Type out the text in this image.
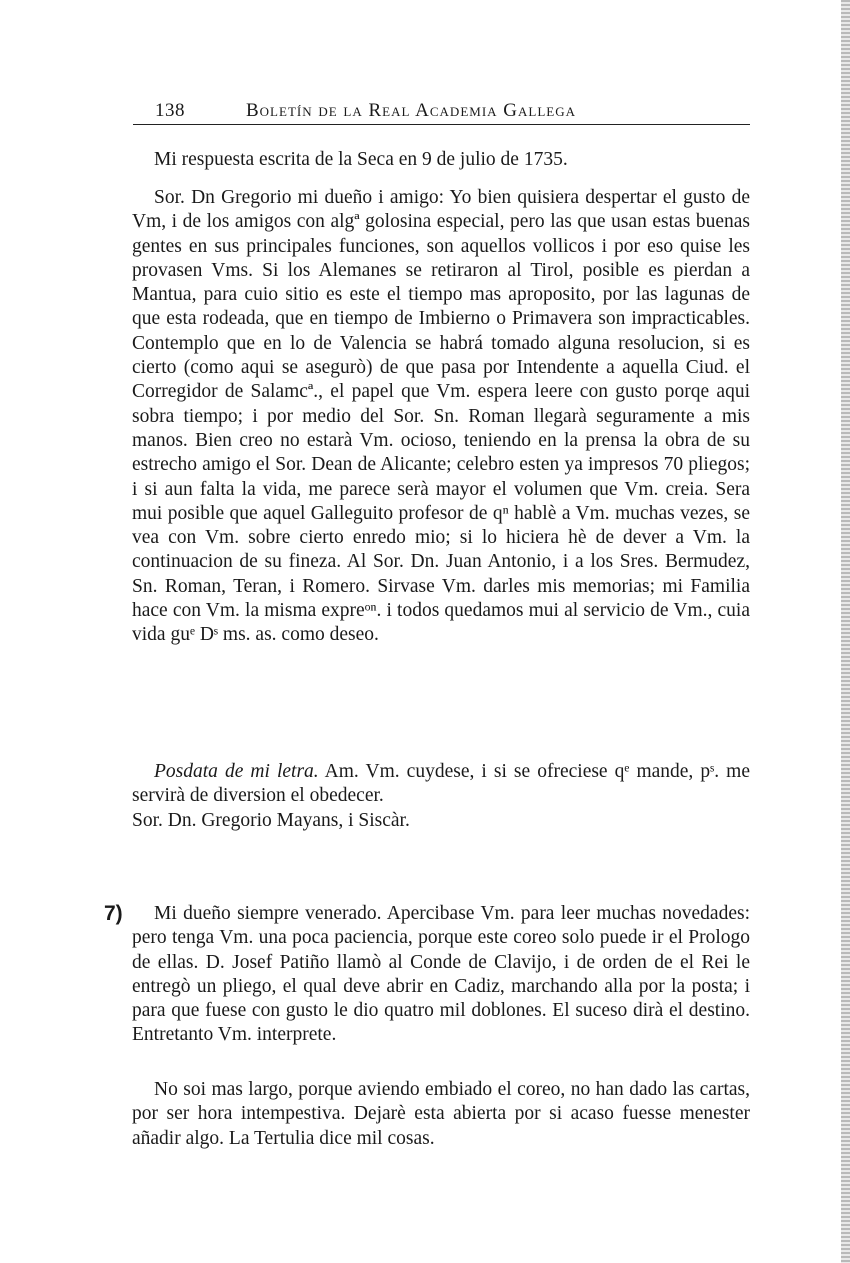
138	Boletín de la Real Academia Gallega

Mi respuesta escrita de la Seca en 9 de julio de 1735.

Sor. Dn Gregorio mi dueño i amigo: Yo bien quisiera despertar el gusto de Vm, i de los amigos con algª golosina especial, pero las que usan estas buenas gentes en sus principales funciones, son aquellos vollicos i por eso quise les provasen Vms. Si los Alemanes se retiraron al Tirol, posible es pierdan a Mantua, para cuio sitio es este el tiempo mas aproposito, por las lagunas de que esta rodeada, que en tiempo de Imbierno o Primavera son impracticables. Contemplo que en lo de Valencia se habrá tomado alguna resolucion, si es cierto (como aqui se asegurò) de que pasa por Intendente a aquella Ciud. el Corregidor de Salamcª., el papel que Vm. espera leere con gusto porqe aqui sobra tiempo; i por medio del Sor. Sn. Roman llegarà seguramente a mis manos. Bien creo no estarà Vm. ocioso, teniendo en la prensa la obra de su estrecho amigo el Sor. Dean de Alicante; celebro esten ya impresos 70 pliegos; i si aun falta la vida, me parece serà mayor el volumen que Vm. creia. Sera mui posible que aquel Galleguito profesor de qⁿ hablè a Vm. muchas vezes, se vea con Vm. sobre cierto enredo mio; si lo hiciera hè de dever a Vm. la continuacion de su fineza. Al Sor. Dn. Juan Antonio, i a los Sres. Bermudez, Sn. Roman, Teran, i Romero. Sirvase Vm. darles mis memorias; mi Familia hace con Vm. la misma expreᵒⁿ. i todos quedamos mui al servicio de Vm., cuia vida guᵉ Dˢ ms. as. como deseo.

Posdata de mi letra. Am. Vm. cuydese, i si se ofreciese qᵉ mande, pˢ. me servirà de diversion el obedecer.

Sor. Dn. Gregorio Mayans, i Siscàr.
7)	Mi dueño siempre venerado. Apercibase Vm. para leer muchas novedades: pero tenga Vm. una poca paciencia, porque este coreo solo puede ir el Prologo de ellas. D. Josef Patiño llamò al Conde de Clavijo, i de orden de el Rei le entregò un pliego, el qual deve abrir en Cadiz, marchando alla por la posta; i para que fuese con gusto le dio quatro mil doblones. El suceso dirà el destino. Entretanto Vm. interprete.

No soi mas largo, porque aviendo embiado el coreo, no han dado las cartas, por ser hora intempestiva. Dejarè esta abierta por si acaso fuesse menester añadir algo. La Tertulia dice mil cosas.
